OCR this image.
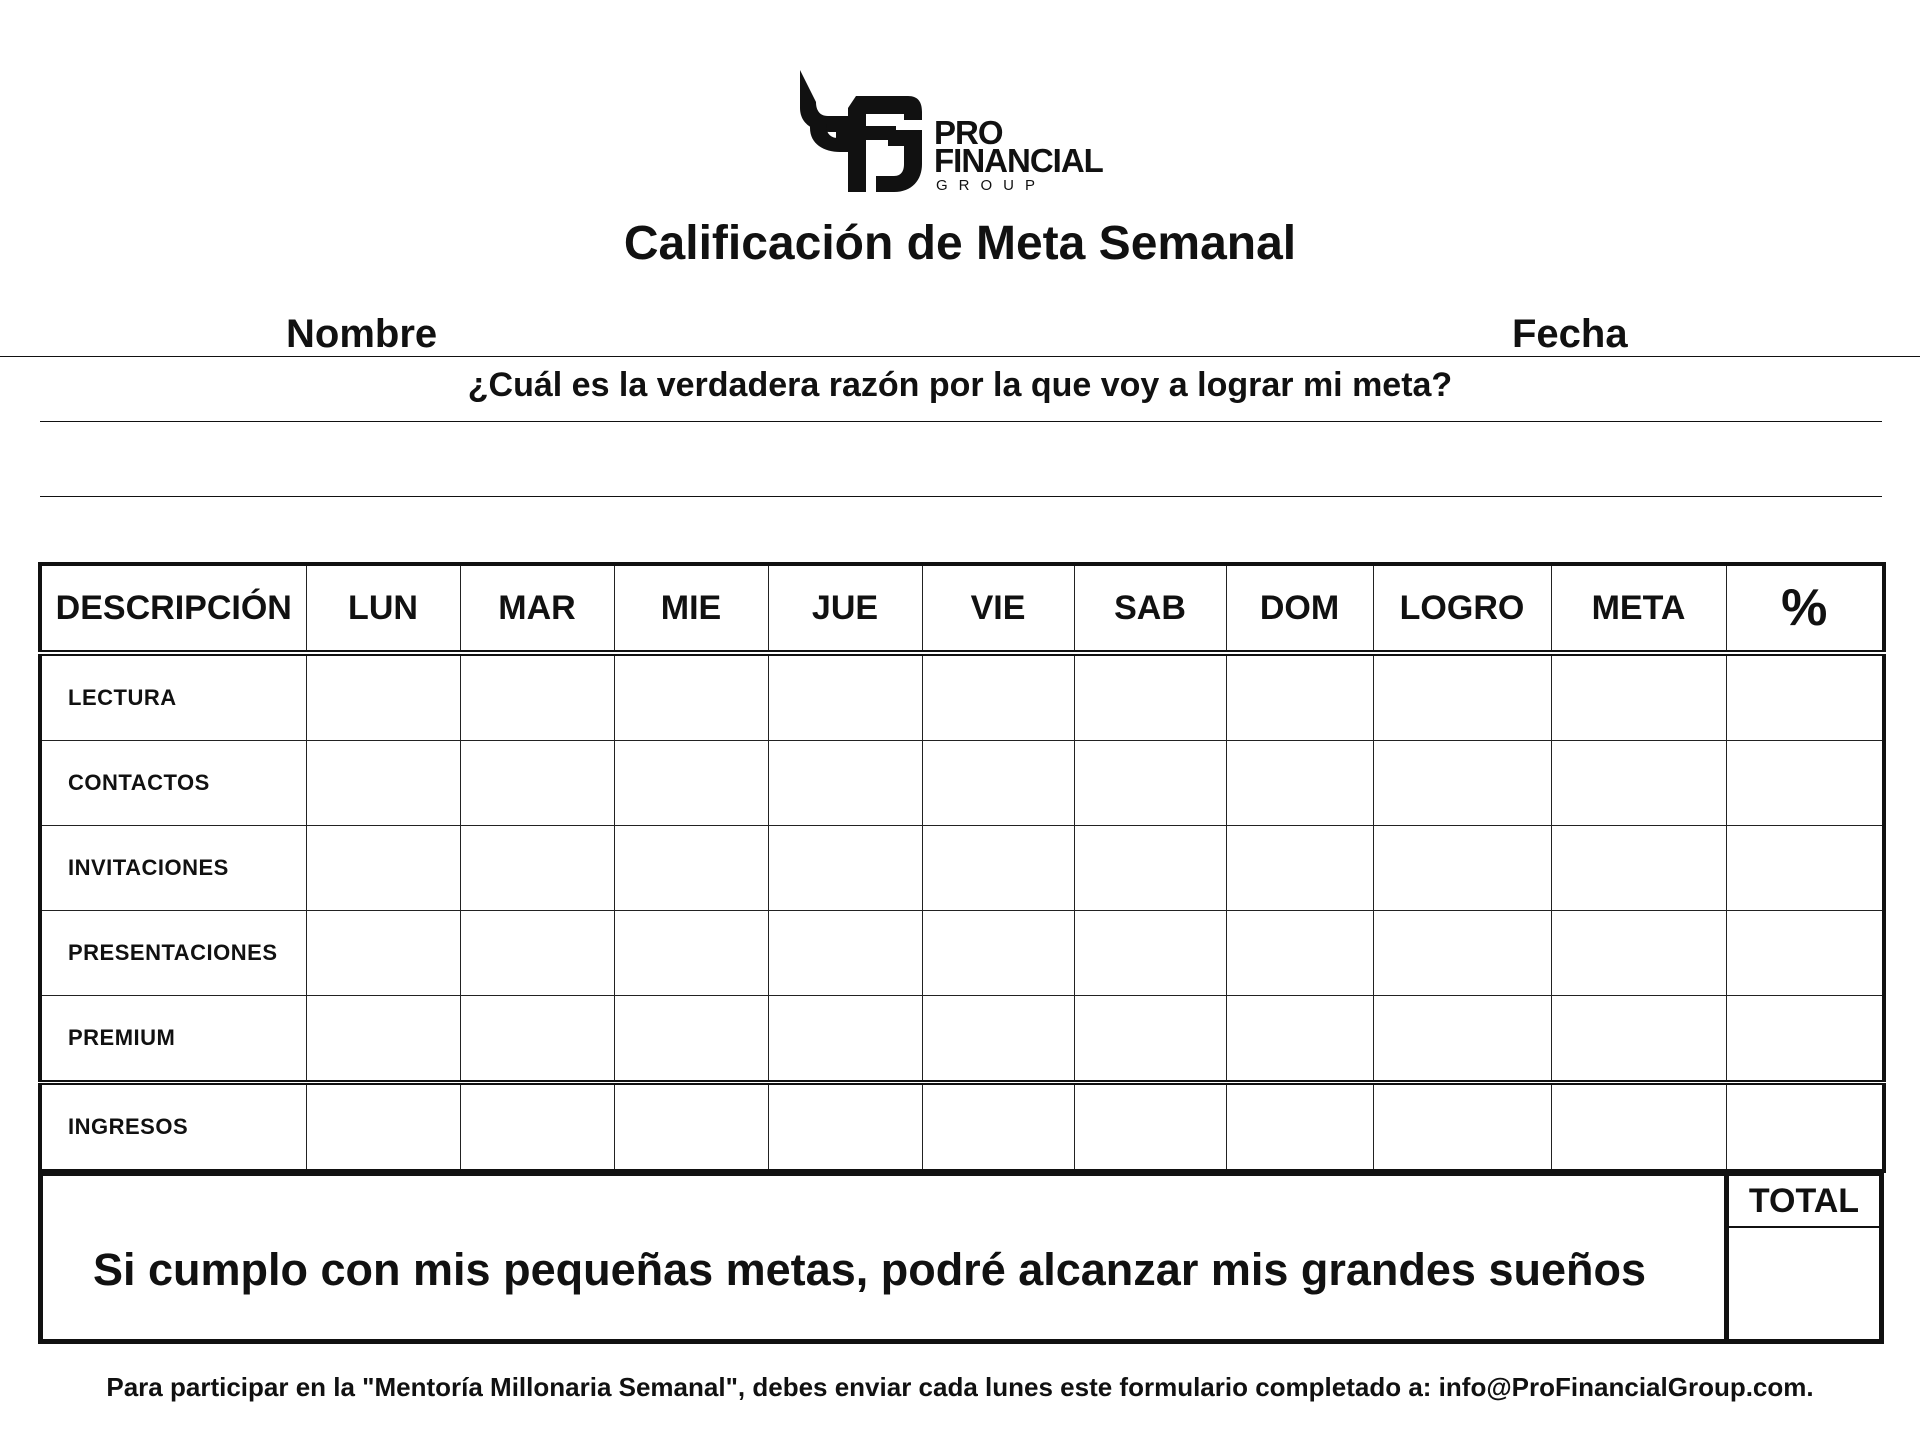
PRO
FINANCIAL
GROUP
Calificación de Meta Semanal
Nombre	Fecha
¿Cuál es la verdadera razón por la que voy a lograr mi meta?
DESCRIPCIÓN	LUN	MAR	MIE	JUE	VIE	SAB	DOM	LOGRO	META	%
LECTURA										
CONTACTOS										
INVITACIONES										
PRESENTACIONES										
PREMIUM										
INGRESOS										
Si cumplo con mis pequeñas metas, podré alcanzar mis grandes sueños
TOTAL
Para participar en la "Mentoría Millonaria Semanal", debes enviar cada lunes este formulario completado a: info@ProFinancialGroup.com.
